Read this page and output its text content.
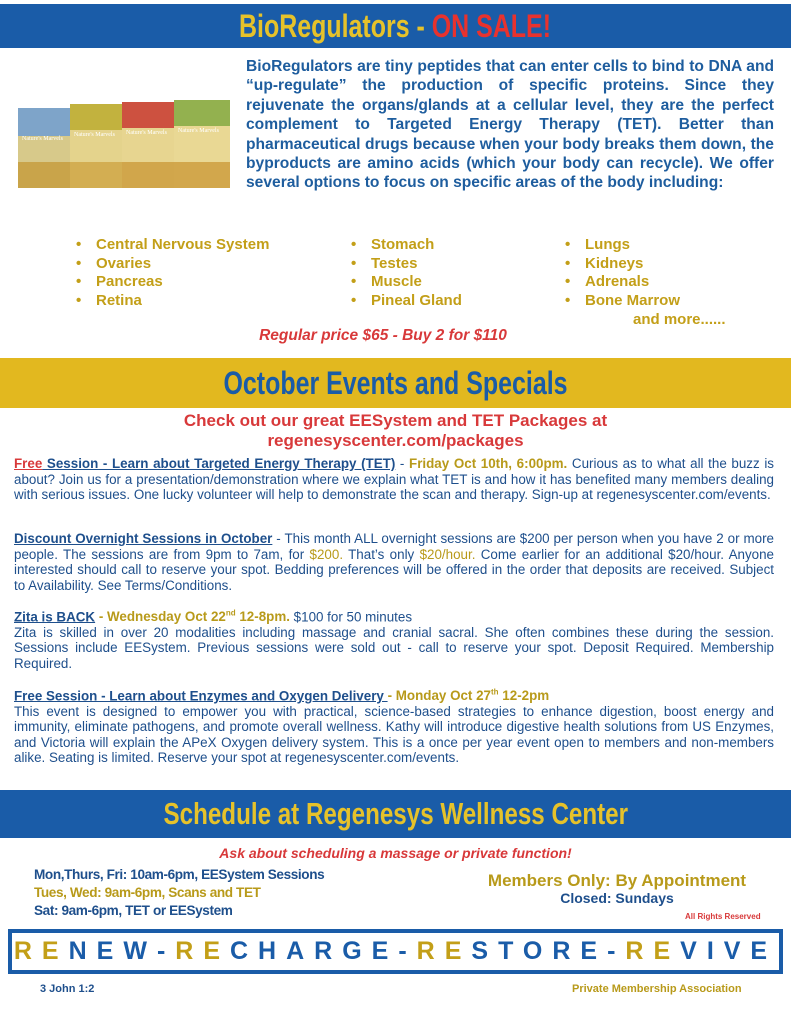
BioRegulators - ON SALE!
Nature's Marvels
Nature's Marvels Nature's Marvels Nature's Marvels
BioRegulators are tiny peptides that can enter cells to bind to DNA and “up-regulate” the production of specific proteins. Since they rejuvenate the organs/glands at a cellular level, they are the perfect complement to Targeted Energy Therapy (TET). Better than pharmaceutical drugs because when your body breaks them down, the byproducts are amino acids (which your body can recycle). We offer several options to focus on specific areas of the body including:
• Central Nervous System
• Ovaries
• Pancreas
• Retina
• Stomach
• Testes
• Muscle
• Pineal Gland
• Lungs
• Kidneys
• Adrenals
• Bone Marrow
and more......
Regular price $65 - Buy 2 for $110
October Events and Specials
Check out our great EESystem and TET Packages at
regenesyscenter.com/packages
Free Session - Learn about Targeted Energy Therapy (TET) - Friday Oct 10th, 6:00pm. Curious as to what all the buzz is about? Join us for a presentation/demonstration where we explain what TET is and how it has benefited many members dealing with serious issues. One lucky volunteer will help to demonstrate the scan and therapy. Sign-up at regenesyscenter.com/events.
Discount Overnight Sessions in October - This month ALL overnight sessions are $200 per person when you have 2 or more people. The sessions are from 9pm to 7am, for $200. That’s only $20/hour. Come earlier for an additional $20/hour. Anyone interested should call to reserve your spot. Bedding preferences will be offered in the order that deposits are received. Subject to Availability. See Terms/Conditions.
Zita is BACK - Wednesday Oct 22nd 12-8pm. $100 for 50 minutes
Zita is skilled in over 20 modalities including massage and cranial sacral. She often combines these during the session. Sessions include EESystem. Previous sessions were sold out - call to reserve your spot. Deposit Required. Membership Required.
Free Session - Learn about Enzymes and Oxygen Delivery - Monday Oct 27th 12-2pm
This event is designed to empower you with practical, science-based strategies to enhance digestion, boost energy and immunity, eliminate pathogens, and promote overall wellness. Kathy will introduce digestive health solutions from US Enzymes, and Victoria will explain the APeX Oxygen delivery system. This is a once per year event open to members and non-members alike. Seating is limited. Reserve your spot at regenesyscenter.com/events.
Schedule at Regenesys Wellness Center
Ask about scheduling a massage or private function!
Mon,Thurs, Fri: 10am-6pm, EESystem Sessions
Tues, Wed: 9am-6pm, Scans and TET
Sat: 9am-6pm, TET or EESystem
Members Only: By Appointment
Closed: Sundays
All Rights Reserved
RE NEW - RE CHARGE - RE STORE - RE VIVE
3 John 1:2	Private Membership Association
